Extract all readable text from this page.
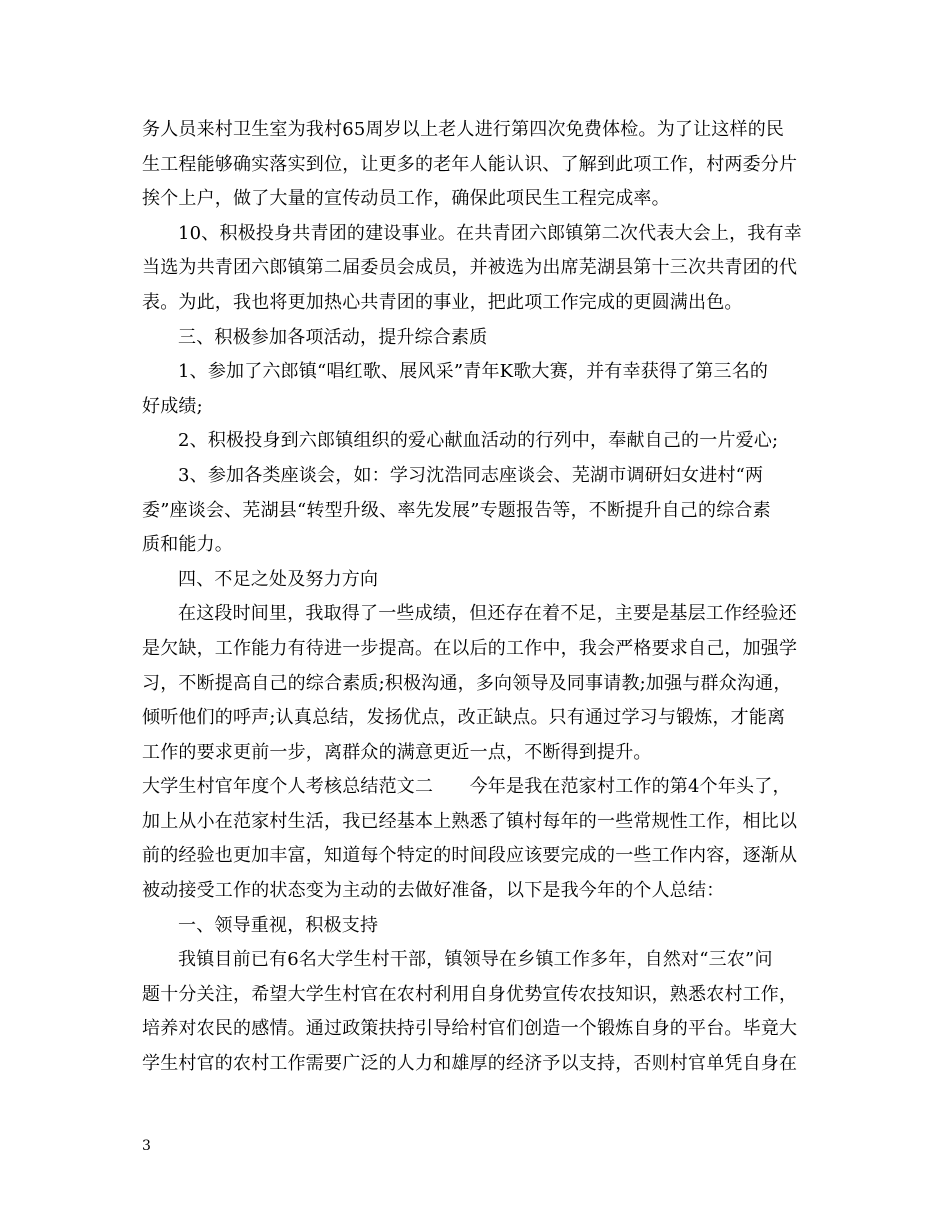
务人员来村卫生室为我村65周岁以上老人进行第四次免费体检。为了让这样的民
生工程能够确实落实到位，让更多的老年人能认识、了解到此项工作，村两委分片
挨个上户，做了大量的宣传动员工作，确保此项民生工程完成率。
10、积极投身共青团的建设事业。在共青团六郎镇第二次代表大会上，我有幸
当选为共青团六郎镇第二届委员会成员，并被选为出席芜湖县第十三次共青团的代
表。为此，我也将更加热心共青团的事业，把此项工作完成的更圆满出色。
三、积极参加各项活动，提升综合素质
1、参加了六郎镇“唱红歌、展风采”青年K歌大赛，并有幸获得了第三名的
好成绩;
2、积极投身到六郎镇组织的爱心献血活动的行列中，奉献自己的一片爱心;
3、参加各类座谈会，如：学习沈浩同志座谈会、芜湖市调研妇女进村“两
委”座谈会、芜湖县“转型升级、率先发展”专题报告等，不断提升自己的综合素
质和能力。
四、不足之处及努力方向
在这段时间里，我取得了一些成绩，但还存在着不足，主要是基层工作经验还
是欠缺，工作能力有待进一步提高。在以后的工作中，我会严格要求自己，加强学
习，不断提高自己的综合素质;积极沟通，多向领导及同事请教;加强与群众沟通，
倾听他们的呼声;认真总结，发扬优点，改正缺点。只有通过学习与锻炼，才能离
工作的要求更前一步，离群众的满意更近一点，不断得到提升。
大学生村官年度个人考核总结范文二　　今年是我在范家村工作的第4个年头了，
加上从小在范家村生活，我已经基本上熟悉了镇村每年的一些常规性工作，相比以
前的经验也更加丰富，知道每个特定的时间段应该要完成的一些工作内容，逐渐从
被动接受工作的状态变为主动的去做好准备，以下是我今年的个人总结：
一、领导重视，积极支持
我镇目前已有6名大学生村干部，镇领导在乡镇工作多年，自然对“三农”问
题十分关注，希望大学生村官在农村利用自身优势宣传农技知识，熟悉农村工作，
培养对农民的感情。通过政策扶持引导给村官们创造一个锻炼自身的平台。毕竟大
学生村官的农村工作需要广泛的人力和雄厚的经济予以支持，否则村官单凭自身在
3
